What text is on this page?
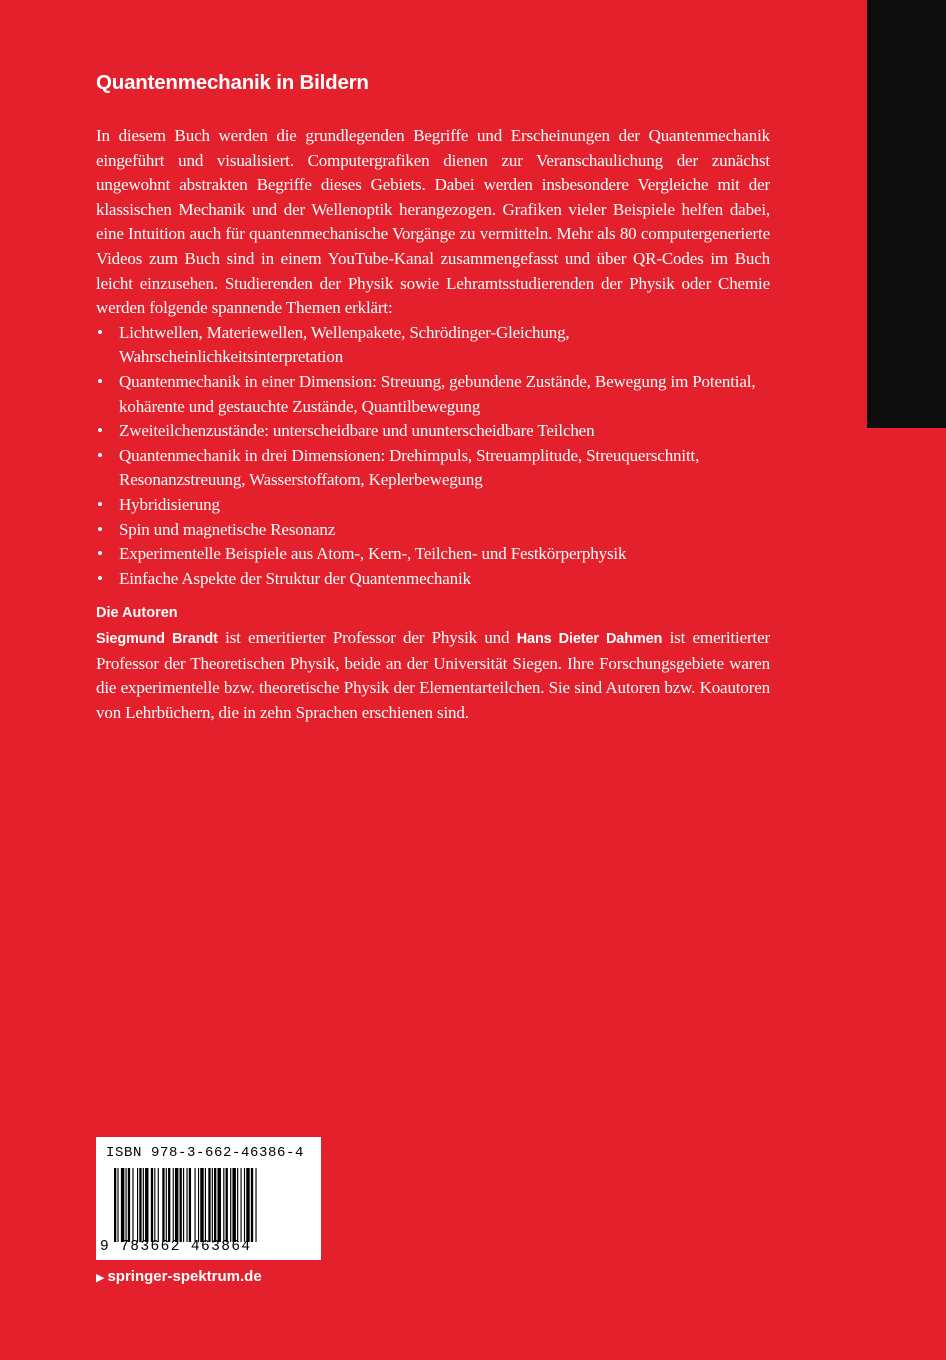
Quantenmechanik in Bildern

In diesem Buch werden die grundlegenden Begriffe und Erscheinungen der Quantenmechanik eingeführt und visualisiert. Computergrafiken dienen zur Veranschaulichung der zunächst ungewohnt abstrakten Begriffe dieses Gebiets. Dabei werden insbesondere Vergleiche mit der klassischen Mechanik und der Wellenoptik herangezogen. Grafiken vieler Beispiele helfen dabei, eine Intuition auch für quantenmechanische Vorgänge zu vermitteln. Mehr als 80 computergenerierte Videos zum Buch sind in einem YouTube-Kanal zusammengefasst und über QR-Codes im Buch leicht einzusehen. Studierenden der Physik sowie Lehramtsstudierenden der Physik oder Chemie werden folgende spannende Themen erklärt:

• Lichtwellen, Materiewellen, Wellenpakete, Schrödinger-Gleichung, Wahrscheinlichkeitsinterpretation
• Quantenmechanik in einer Dimension: Streuung, gebundene Zustände, Bewegung im Potential, kohärente und gestauchte Zustände, Quantilbewegung
• Zweiteilchenzustände: unterscheidbare und ununterscheidbare Teilchen
• Quantenmechanik in drei Dimensionen: Drehimpuls, Streuamplitude, Streuquerschnitt, Resonanzstreuung, Wasserstoffatom, Keplerbewegung
• Hybridisierung
• Spin und magnetische Resonanz
• Experimentelle Beispiele aus Atom-, Kern-, Teilchen- und Festkörperphysik
• Einfache Aspekte der Struktur der Quantenmechanik
Die Autoren

Siegmund Brandt ist emeritierter Professor der Physik und Hans Dieter Dahmen ist emeritierter Professor der Theoretischen Physik, beide an der Universität Siegen. Ihre Forschungsgebiete waren die experimentelle bzw. theoretische Physik der Elementarteilchen. Sie sind Autoren bzw. Koautoren von Lehrbüchern, die in zehn Sprachen erschienen sind.

ISBN 978-3-662-46386-4
9 783662 463864
▶ springer-spektrum.de
